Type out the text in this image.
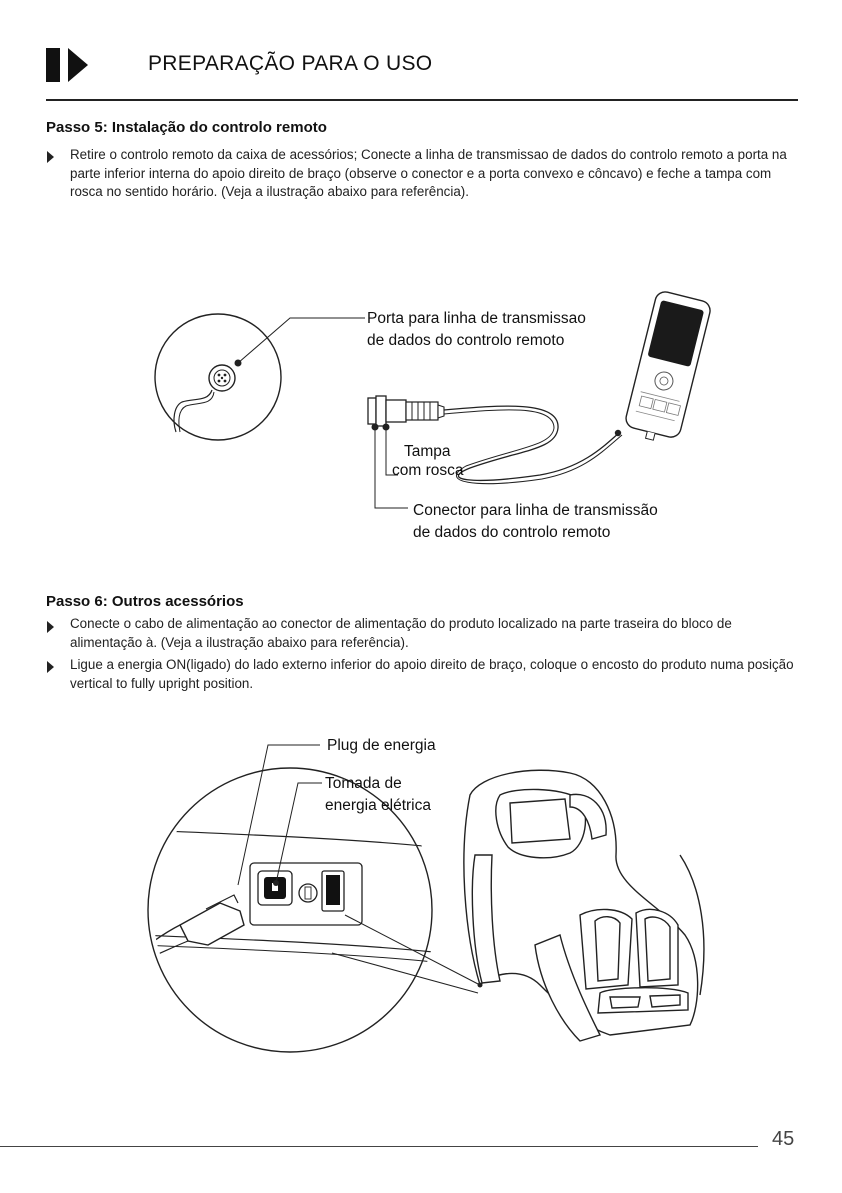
PREPARAÇÃO PARA O USO
Passo 5: Instalação do controlo remoto
Retire o controlo remoto da caixa de acessórios; Conecte a linha de transmissao de dados do controlo remoto a porta na parte inferior interna do apoio direito de braço (observe o conector e a porta convexo e côncavo) e feche a tampa com rosca no sentido horário. (Veja a ilustração abaixo para referência).
Porta para linha de transmissao
de dados do controlo remoto
Tampa
com rosca
Conector para linha de transmissão
de dados do controlo remoto
Passo 6: Outros acessórios
Conecte o cabo de alimentação ao conector de alimentação do produto localizado na parte traseira do bloco de alimentação à. (Veja a ilustração abaixo para referência).
Ligue a energia ON(ligado) do lado externo inferior do apoio direito de braço, coloque o encosto do produto numa posição vertical to fully upright position.
Plug de energia
Tomada de
energia elétrica
45
